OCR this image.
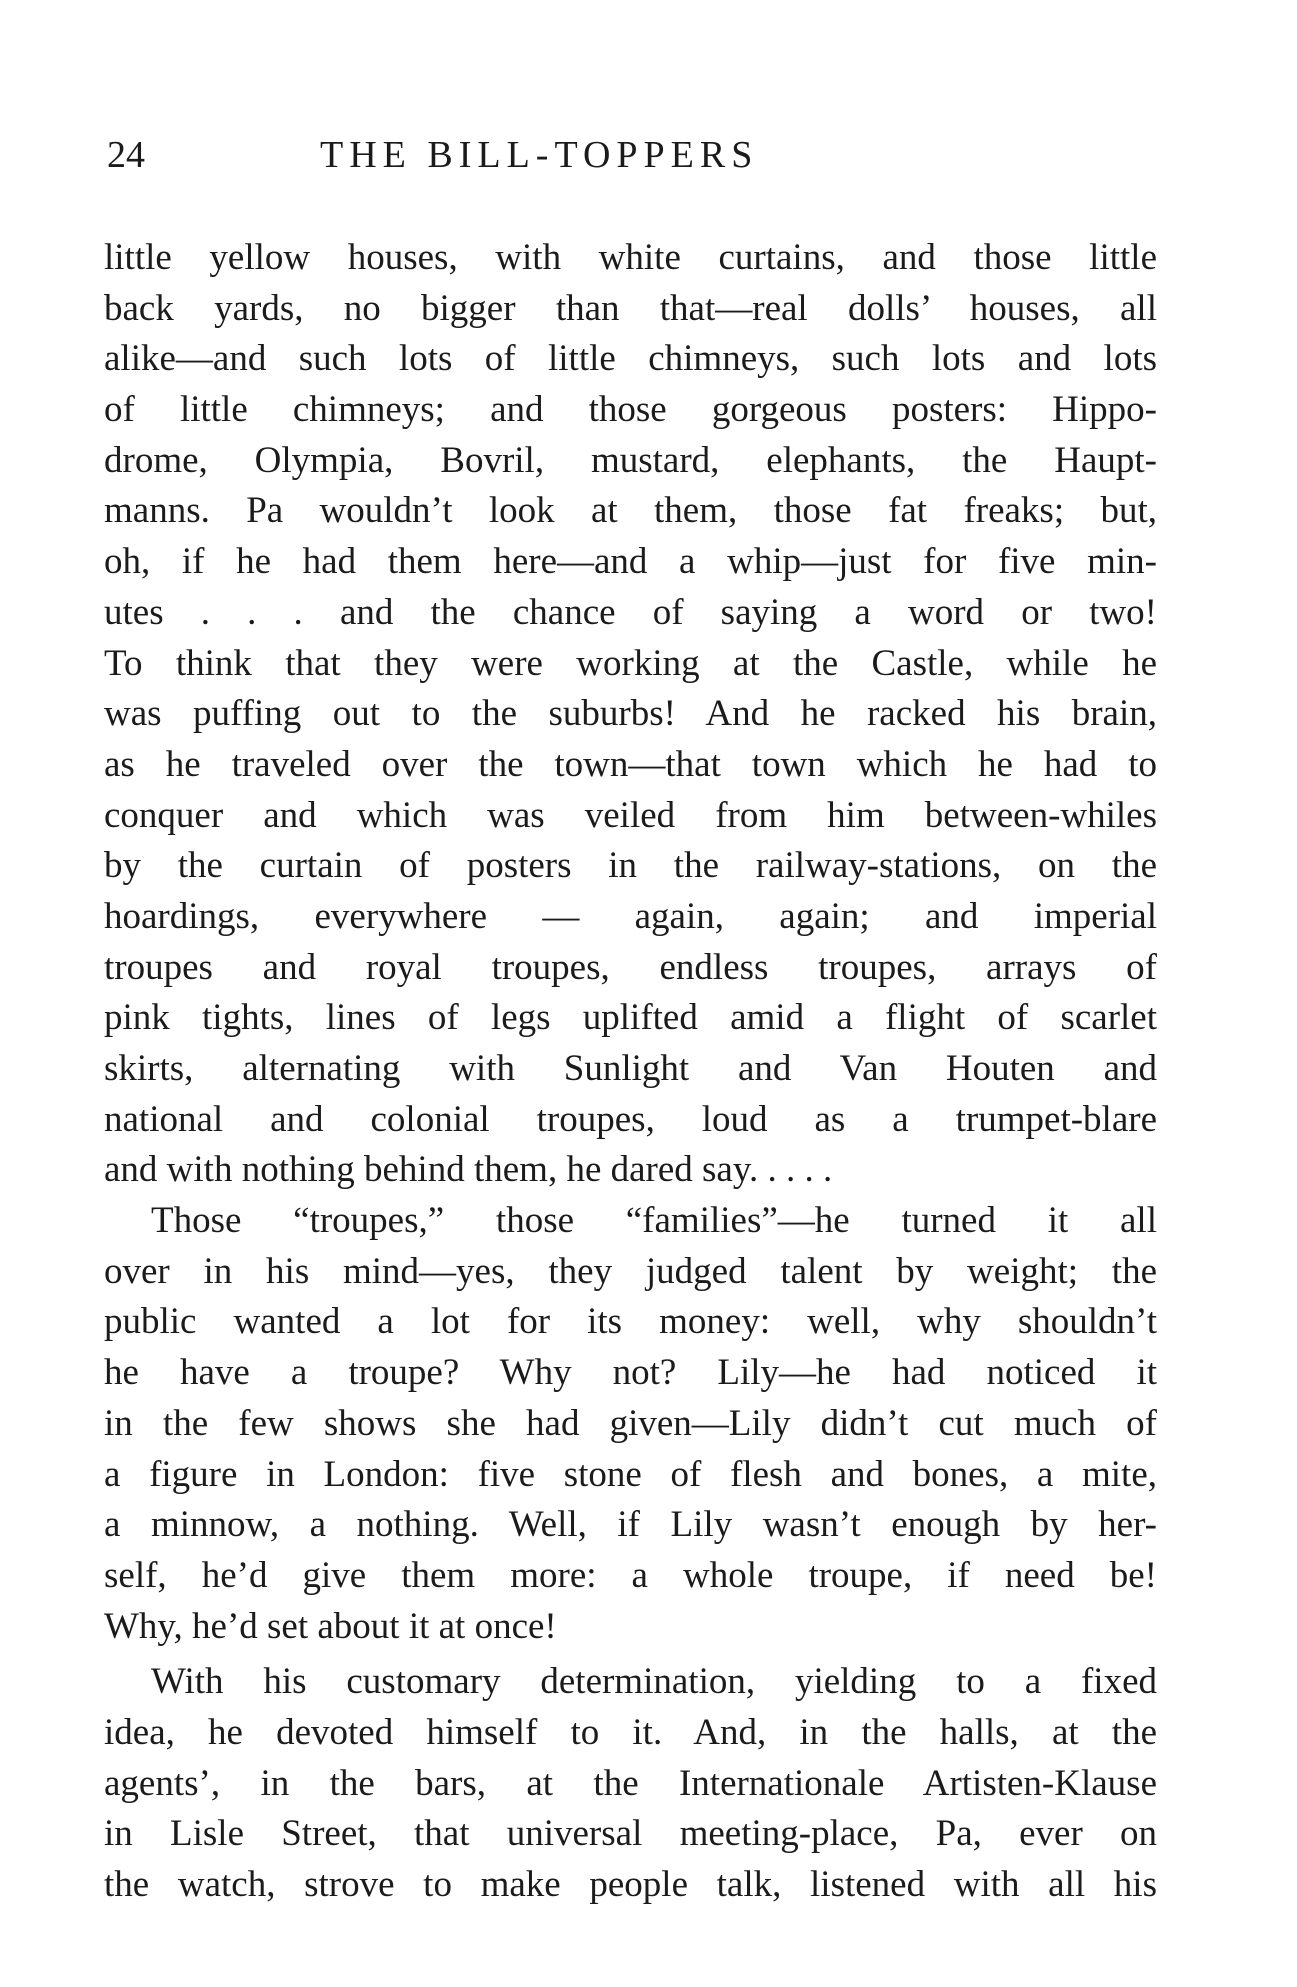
24	THE BILL-TOPPERS
little yellow houses, with white curtains, and those little
back yards, no bigger than that—real dolls’ houses, all
alike—and such lots of little chimneys, such lots and lots
of little chimneys; and those gorgeous posters: Hippo-
drome, Olympia, Bovril, mustard, elephants, the Haupt-
manns. Pa wouldn’t look at them, those fat freaks; but,
oh, if he had them here—and a whip—just for five min-
utes . . . and the chance of saying a word or two!
To think that they were working at the Castle, while he
was puffing out to the suburbs! And he racked his brain,
as he traveled over the town—that town which he had to
conquer and which was veiled from him between-whiles
by the curtain of posters in the railway-stations, on the
hoardings, everywhere — again, again; and imperial
troupes and royal troupes, endless troupes, arrays of
pink tights, lines of legs uplifted amid a flight of scarlet
skirts, alternating with Sunlight and Van Houten and
national and colonial troupes, loud as a trumpet-blare
and with nothing behind them, he dared say. . . . .
Those “troupes,” those “families”—he turned it all
over in his mind—yes, they judged talent by weight; the
public wanted a lot for its money: well, why shouldn’t
he have a troupe? Why not? Lily—he had noticed it
in the few shows she had given—Lily didn’t cut much of
a figure in London: five stone of flesh and bones, a mite,
a minnow, a nothing. Well, if Lily wasn’t enough by her-
self, he’d give them more: a whole troupe, if need be!
Why, he’d set about it at once!
With his customary determination, yielding to a fixed
idea, he devoted himself to it. And, in the halls, at the
agents’, in the bars, at the Internationale Artisten-Klause
in Lisle Street, that universal meeting-place, Pa, ever on
the watch, strove to make people talk, listened with all his
